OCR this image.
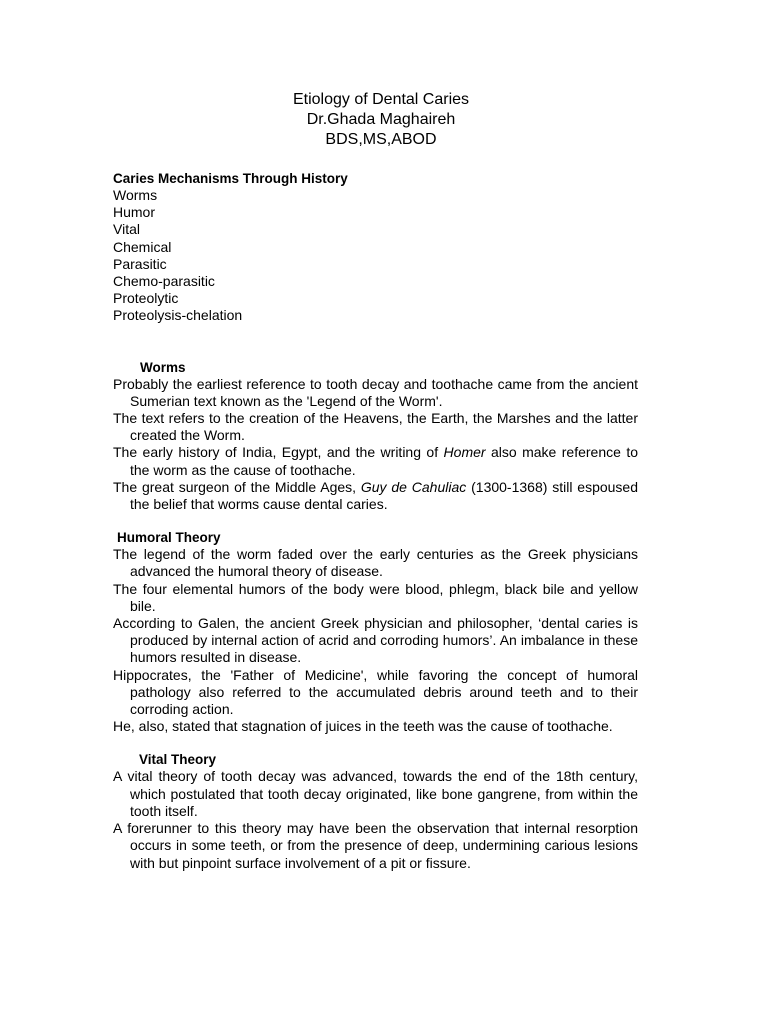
Etiology of Dental Caries
Dr.Ghada Maghaireh
BDS,MS,ABOD
Caries Mechanisms Through History
Worms
Humor
Vital
Chemical
Parasitic
Chemo-parasitic
Proteolytic
Proteolysis-chelation
Worms

Probably the earliest reference to tooth decay and toothache came from the ancient Sumerian text known as the 'Legend of the Worm'.

The text refers to the creation of the Heavens, the Earth, the Marshes and the latter created the Worm.

The early history of India, Egypt, and the writing of Homer also make reference to the worm as the cause of toothache.

The great surgeon of the Middle Ages, Guy de Cahuliac (1300-1368) still espoused the belief that worms cause dental caries.

Humoral Theory

The legend of the worm faded over the early centuries as the Greek physicians advanced the humoral theory of disease.

The four elemental humors of the body were blood, phlegm, black bile and yellow bile.

According to Galen, the ancient Greek physician and philosopher, ‘dental caries is produced by internal action of acrid and corroding humors’. An imbalance in these humors resulted in disease.

Hippocrates, the 'Father of Medicine', while favoring the concept of humoral pathology also referred to the accumulated debris around teeth and to their corroding action.

He, also, stated that stagnation of juices in the teeth was the cause of toothache.

Vital Theory

A vital theory of tooth decay was advanced, towards the end of the 18th century, which postulated that tooth decay originated, like bone gangrene, from within the tooth itself.

A forerunner to this theory may have been the observation that internal resorption occurs in some teeth, or from the presence of deep, undermining carious lesions with but pinpoint surface involvement of a pit or fissure.
